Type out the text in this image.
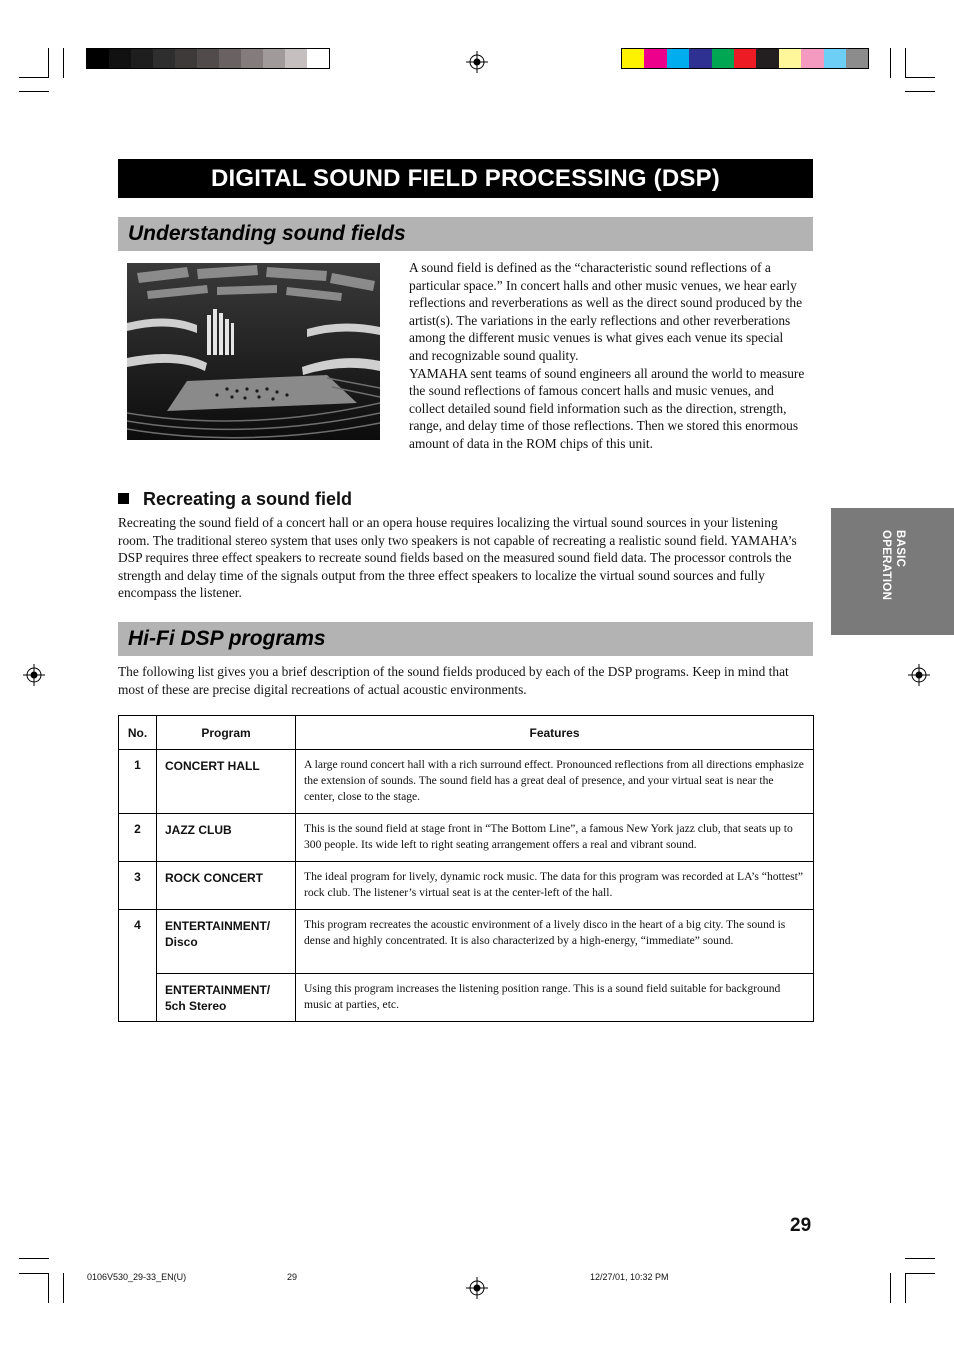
DIGITAL SOUND FIELD PROCESSING (DSP)
Understanding sound fields
A sound field is defined as the “characteristic sound reflections of a particular space.” In concert halls and other music venues, we hear early reflections and reverberations as well as the direct sound produced by the artist(s). The variations in the early reflections and other reverberations among the different music venues is what gives each venue its special and recognizable sound quality.
YAMAHA sent teams of sound engineers all around the world to measure the sound reflections of famous concert halls and music venues, and collect detailed sound field information such as the direction, strength, range, and delay time of those reflections. Then we stored this enormous amount of data in the ROM chips of this unit.
Recreating a sound field
Recreating the sound field of a concert hall or an opera house requires localizing the virtual sound sources in your listening room. The traditional stereo system that uses only two speakers is not capable of recreating a realistic sound field. YAMAHA’s DSP requires three effect speakers to recreate sound fields based on the measured sound field data. The processor controls the strength and delay time of the signals output from the three effect speakers to localize the virtual sound sources and fully encompass the listener.
BASIC OPERATION
Hi-Fi DSP programs
The following list gives you a brief description of the sound fields produced by each of the DSP programs. Keep in mind that most of these are precise digital recreations of actual acoustic environments.
No.	Program	Features
1	CONCERT HALL	A large round concert hall with a rich surround effect. Pronounced reflections from all directions emphasize the extension of sounds. The sound field has a great deal of presence, and your virtual seat is near the center, close to the stage.
2	JAZZ CLUB	This is the sound field at stage front in “The Bottom Line”, a famous New York jazz club, that seats up to 300 people. Its wide left to right seating arrangement offers a real and vibrant sound.
3	ROCK CONCERT	The ideal program for lively, dynamic rock music. The data for this program was recorded at LA’s “hottest” rock club. The listener’s virtual seat is at the center-left of the hall.
4	ENTERTAINMENT/ Disco	This program recreates the acoustic environment of a lively disco in the heart of a big city. The sound is dense and highly concentrated. It is also characterized by a high-energy, “immediate” sound.
	ENTERTAINMENT/ 5ch Stereo	Using this program increases the listening position range. This is a sound field suitable for background music at parties, etc.
29
0106V530_29-33_EN(U)	29	12/27/01, 10:32 PM
